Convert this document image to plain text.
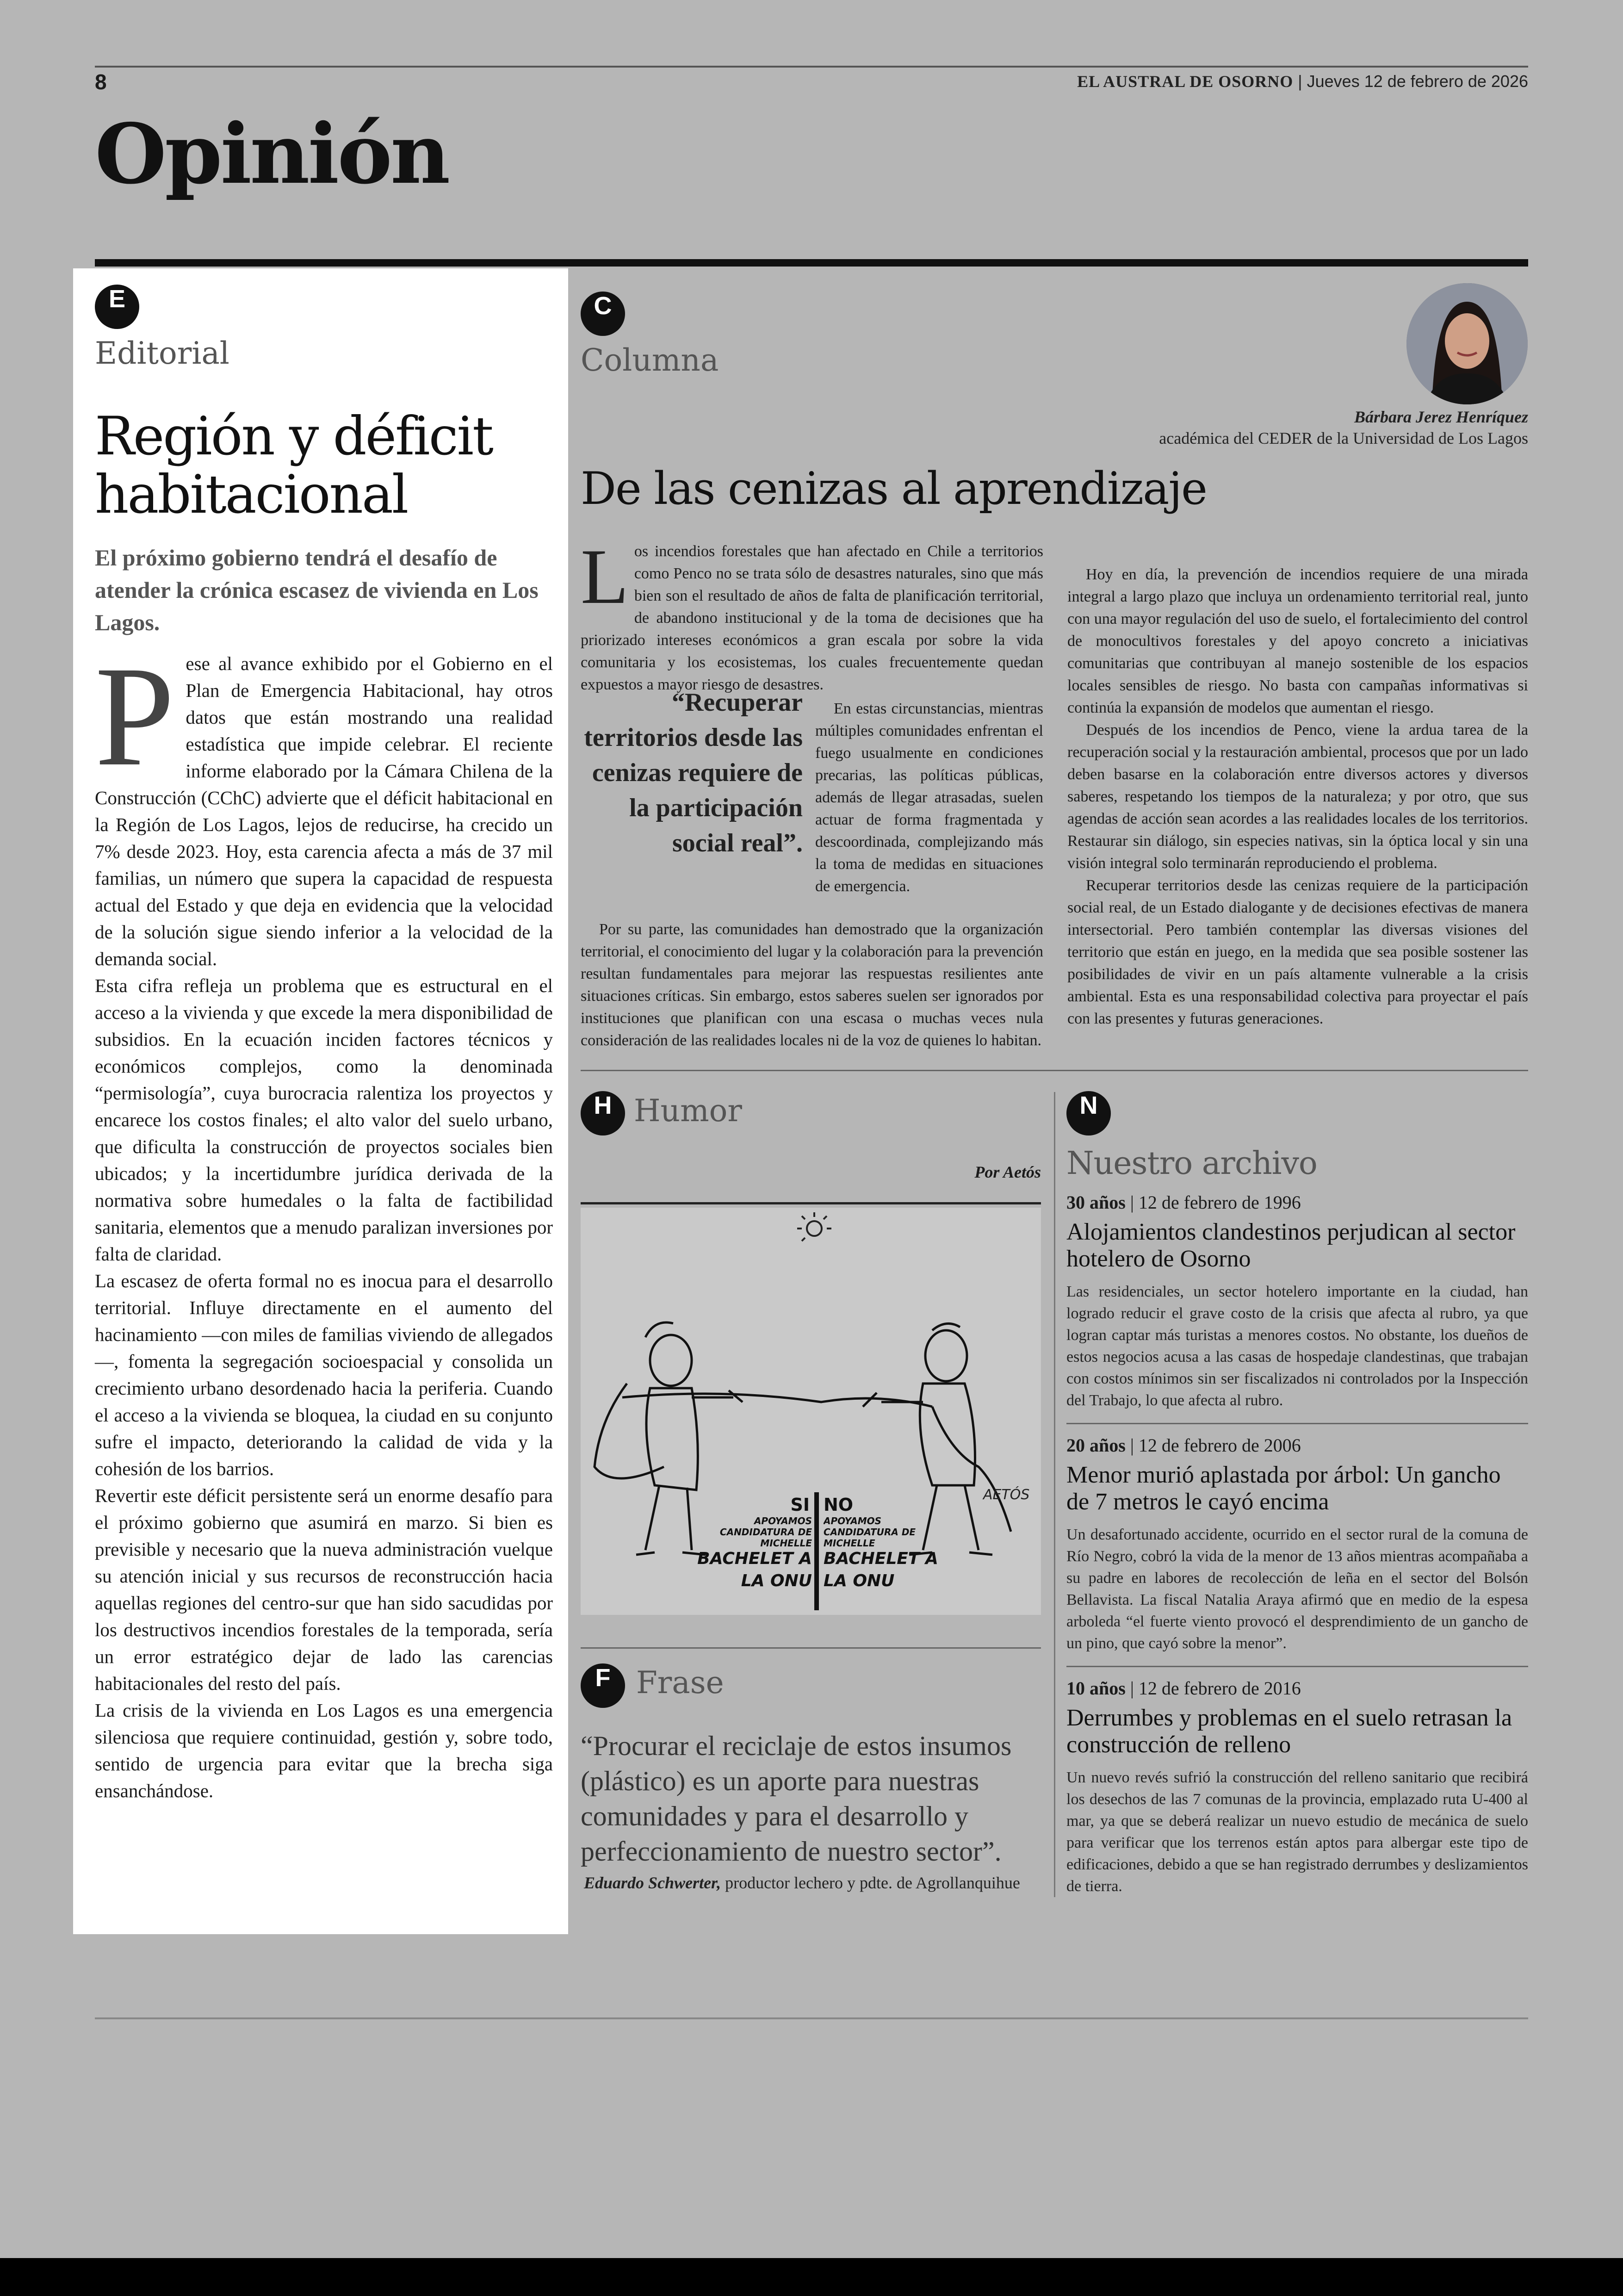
8	EL AUSTRAL DE OSORNO | Jueves 12 de febrero de 2026
Opinión
E
Editorial
Región y déficit habitacional
El próximo gobierno tendrá el desafío de atender la crónica escasez de vivienda en Los Lagos.

Pese al avance exhibido por el Gobierno en el Plan de Emergencia Habitacional, hay otros datos que están mostrando una realidad estadística que impide celebrar. El reciente informe elaborado por la Cámara Chilena de la Construcción (CChC) advierte que el déficit habitacional en la Región de Los Lagos, lejos de reducirse, ha crecido un 7% desde 2023. Hoy, esta carencia afecta a más de 37 mil familias, un número que supera la capacidad de respuesta actual del Estado y que deja en evidencia que la velocidad de la solución sigue siendo inferior a la velocidad de la demanda social.

Esta cifra refleja un problema que es estructural en el acceso a la vivienda y que excede la mera disponibilidad de subsidios. En la ecuación inciden factores técnicos y económicos complejos, como la denominada “permisología”, cuya burocracia ralentiza los proyectos y encarece los costos finales; el alto valor del suelo urbano, que dificulta la construcción de proyectos sociales bien ubicados; y la incertidumbre jurídica derivada de la normativa sobre humedales o la falta de factibilidad sanitaria, elementos que a menudo paralizan inversiones por falta de claridad.

La escasez de oferta formal no es inocua para el desarrollo territorial. Influye directamente en el aumento del hacinamiento —con miles de familias viviendo de allegados—, fomenta la segregación socioespacial y consolida un crecimiento urbano desordenado hacia la periferia. Cuando el acceso a la vivienda se bloquea, la ciudad en su conjunto sufre el impacto, deteriorando la calidad de vida y la cohesión de los barrios.

Revertir este déficit persistente será un enorme desafío para el próximo gobierno que asumirá en marzo. Si bien es previsible y necesario que la nueva administración vuelque su atención inicial y sus recursos de reconstrucción hacia aquellas regiones del centro-sur que han sido sacudidas por los destructivos incendios forestales de la temporada, sería un error estratégico dejar de lado las carencias habitacionales del resto del país.

La crisis de la vivienda en Los Lagos es una emergencia silenciosa que requiere continuidad, gestión y, sobre todo, sentido de urgencia para evitar que la brecha siga ensanchándose.

C
Columna
Bárbara Jerez Henríquez
académica del CEDER de la Universidad de Los Lagos
De las cenizas al aprendizaje

Los incendios forestales que han afectado en Chile a territorios como Penco no se trata sólo de desastres naturales, sino que más bien son el resultado de años de falta de planificación territorial, de abandono institucional y de la toma de decisiones que ha priorizado intereses económicos a gran escala por sobre la vida comunitaria y los ecosistemas, los cuales frecuentemente quedan expuestos a mayor riesgo de desastres.

“Recuperar territorios desde las cenizas requiere de la participación social real”.
En estas circunstancias, mientras múltiples comunidades enfrentan el fuego usualmente en condiciones precarias, las políticas públicas, además de llegar atrasadas, suelen actuar de forma fragmentada y descoordinada, complejizando más la toma de medidas en situaciones de emergencia.
Por su parte, las comunidades han demostrado que la organización territorial, el conocimiento del lugar y la colaboración para la prevención resultan fundamentales para mejorar las respuestas resilientes ante situaciones críticas. Sin embargo, estos saberes suelen ser ignorados por instituciones que planifican con una escasa o muchas veces nula consideración de las realidades locales ni de la voz de quienes lo habitan.

Hoy en día, la prevención de incendios requiere de una mirada integral a largo plazo que incluya un ordenamiento territorial real, junto con una mayor regulación del uso de suelo, el fortalecimiento del control de monocultivos forestales y del apoyo concreto a iniciativas comunitarias que contribuyan al manejo sostenible de los espacios locales sensibles de riesgo. No basta con campañas informativas si continúa la expansión de modelos que aumentan el riesgo.

Después de los incendios de Penco, viene la ardua tarea de la recuperación social y la restauración ambiental, procesos que por un lado deben basarse en la colaboración entre diversos actores y diversos saberes, respetando los tiempos de la naturaleza; y por otro, que sus agendas de acción sean acordes a las realidades locales de los territorios. Restaurar sin diálogo, sin especies nativas, sin la óptica local y sin una visión integral solo terminarán reproduciendo el problema.

Recuperar territorios desde las cenizas requiere de la participación social real, de un Estado dialogante y de decisiones efectivas de manera intersectorial. Pero también contemplar las diversas visiones del territorio que están en juego, en la medida que sea posible sostener las posibilidades de vivir en un país altamente vulnerable a la crisis ambiental. Esta es una responsabilidad colectiva para proyectar el país con las presentes y futuras generaciones.

H Humor
Por Aetós
SI NO
APOYAMOS CANDIDATURA DE MICHELLE
BACHELET A LA ONU
APOYAMOS CANDIDATURA DE MICHELLE
BACHELET A LA ONU
AETÓS
F Frase
“Procurar el reciclaje de estos insumos (plástico) es un aporte para nuestras comunidades y para el desarrollo y perfeccionamiento de nuestro sector”.
Eduardo Schwerter, productor lechero y pdte. de Agrollanquihue
N
Nuestro archivo
30 años | 12 de febrero de 1996
Alojamientos clandestinos perjudican al sector hotelero de Osorno
Las residenciales, un sector hotelero importante en la ciudad, han logrado reducir el grave costo de la crisis que afecta al rubro, ya que logran captar más turistas a menores costos. No obstante, los dueños de estos negocios acusa a las casas de hospedaje clandestinas, que trabajan con costos mínimos sin ser fiscalizados ni controlados por la Inspección del Trabajo, lo que afecta al rubro.
20 años | 12 de febrero de 2006
Menor murió aplastada por árbol: Un gancho de 7 metros le cayó encima
Un desafortunado accidente, ocurrido en el sector rural de la comuna de Río Negro, cobró la vida de la menor de 13 años mientras acompañaba a su padre en labores de recolección de leña en el sector del Bolsón Bellavista. La fiscal Natalia Araya afirmó que en medio de la espesa arboleda “el fuerte viento provocó el desprendimiento de un gancho de un pino, que cayó sobre la menor”.
10 años | 12 de febrero de 2016
Derrumbes y problemas en el suelo retrasan la construcción de relleno
Un nuevo revés sufrió la construcción del relleno sanitario que recibirá los desechos de las 7 comunas de la provincia, emplazado ruta U-400 al mar, ya que se deberá realizar un nuevo estudio de mecánica de suelo para verificar que los terrenos están aptos para albergar este tipo de edificaciones, debido a que se han registrado derrumbes y deslizamientos de tierra.
